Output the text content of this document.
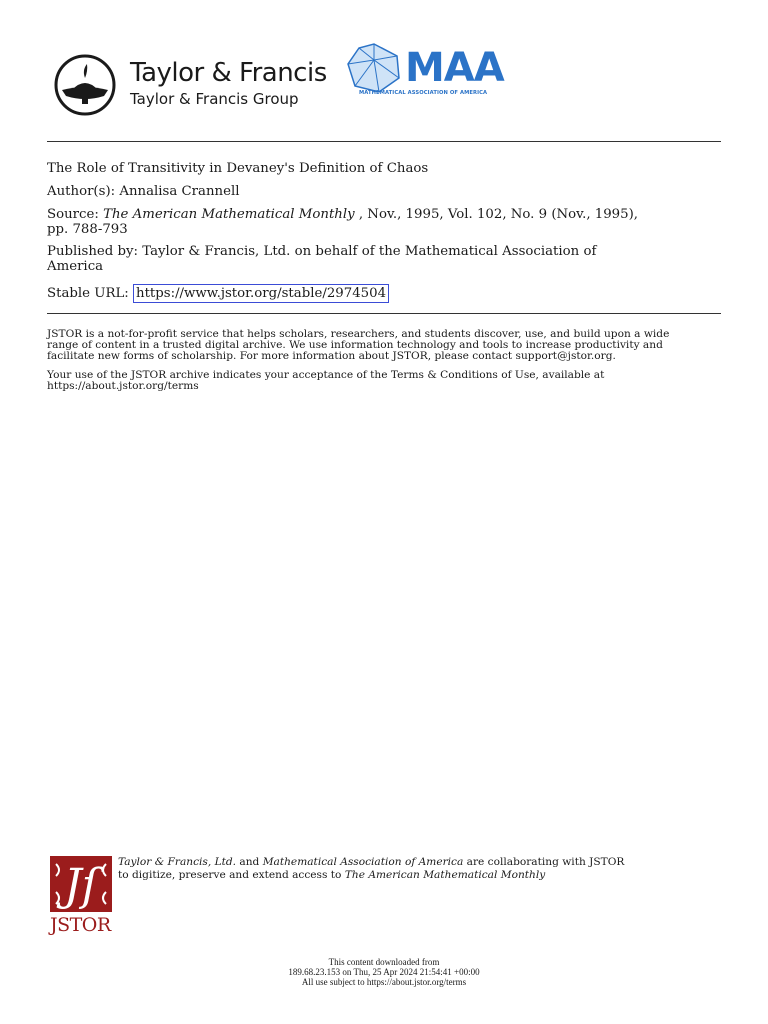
Taylor & Francis
Taylor & Francis Group
MAA
MATHEMATICAL ASSOCIATION OF AMERICA
The Role of Transitivity in Devaney's Definition of Chaos
Author(s): Annalisa Crannell
Source: The American Mathematical Monthly , Nov., 1995, Vol. 102, No. 9 (Nov., 1995),
pp. 788-793
Published by: Taylor & Francis, Ltd. on behalf of the Mathematical Association of
America
Stable URL: https://www.jstor.org/stable/2974504
JSTOR is a not-for-profit service that helps scholars, researchers, and students discover, use, and build upon a wide
range of content in a trusted digital archive. We use information technology and tools to increase productivity and
facilitate new forms of scholarship. For more information about JSTOR, please contact support@jstor.org.
Your use of the JSTOR archive indicates your acceptance of the Terms & Conditions of Use, available at
https://about.jstor.org/terms
Jſ
JSTOR
Taylor & Francis, Ltd. and Mathematical Association of America are collaborating with JSTOR
to digitize, preserve and extend access to The American Mathematical Monthly
This content downloaded from
189.68.23.153 on Thu, 25 Apr 2024 21:54:41 +00:00
All use subject to https://about.jstor.org/terms
